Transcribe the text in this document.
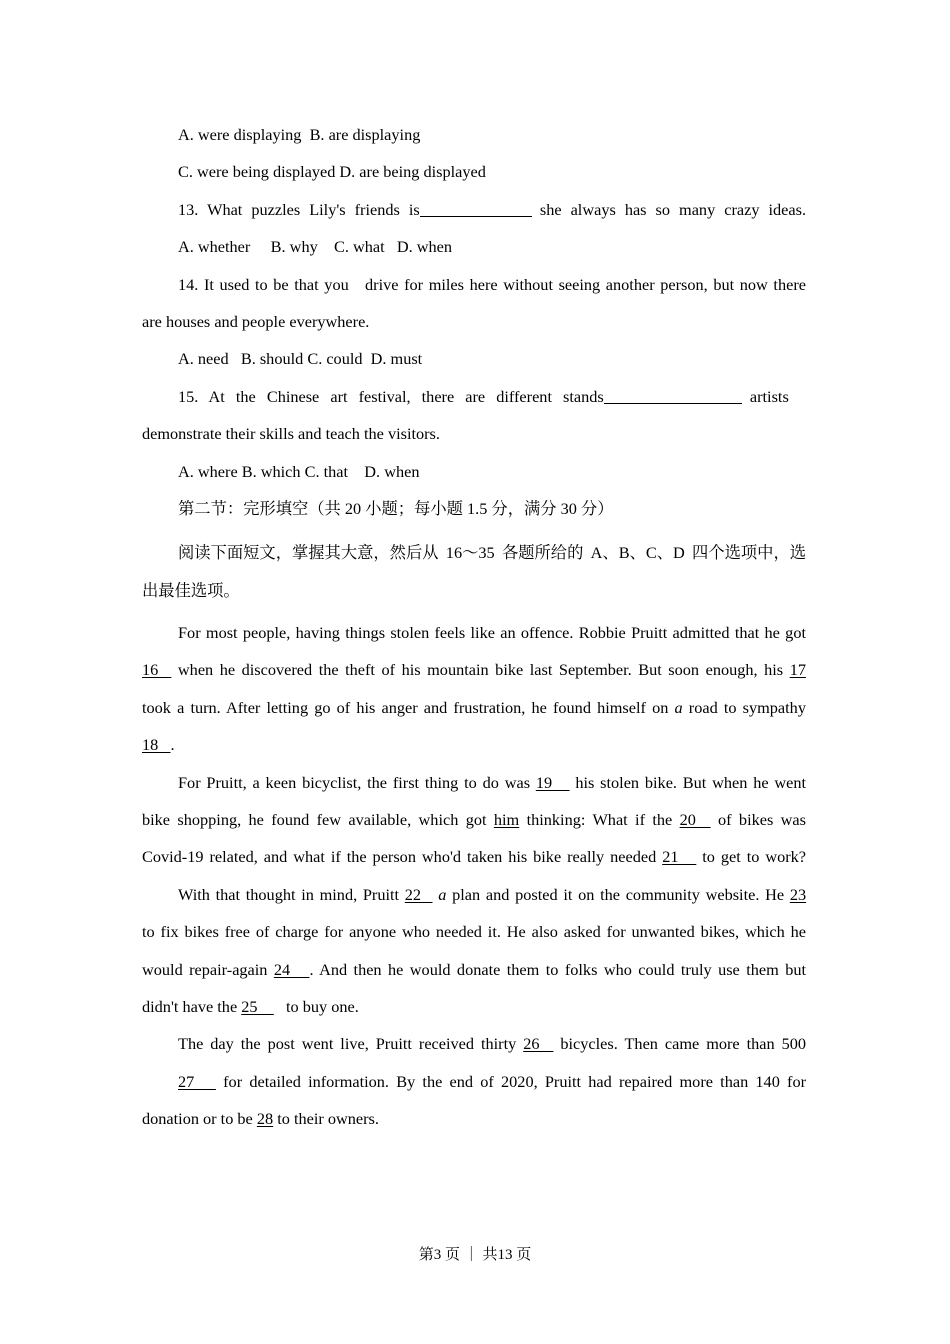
A. were displaying  B. are displaying
C. were being displayed D. are being displayed
13. What puzzles Lily's friends is	 she always has so many crazy ideas.
A. whether     B. why    C. what   D. when
14. It used to be that you  drive for miles here without seeing another person, but now there
are houses and people everywhere.
A. need   B. should C. could  D. must
15. At the Chinese art festival, there are different stands	 artists
demonstrate their skills and teach the visitors.
A. where B. which C. that    D. when
第二节：完形填空（共 20 小题；每小题 1.5 分，满分 30 分）
阅读下面短文，掌握其大意，然后从 16〜35 各题所给的 A、B、C、D 四个选项中，选
出最佳选项。
For most people, having things stolen feels like an offence. Robbie Pruitt admitted that he got
16   when he discovered the theft of his mountain bike last September. But soon enough, his 17
took a turn. After letting go of his anger and frustration, he found himself on a road to sympathy
18   .
For Pruitt, a keen bicyclist, the first thing to do was 19    his stolen bike. But when he went
bike shopping, he found few available, which got him thinking: What if the 20   of bikes was
Covid-19 related, and what if the person who'd taken his bike really needed 21    to get to work?
With that thought in mind, Pruitt 22   a plan and posted it on the community website. He 23
to fix bikes free of charge for anyone who needed it. He also asked for unwanted bikes, which he
would repair-again 24   . And then he would donate them to folks who could truly use them but
didn't have the 25      to buy one.
The day the post went live, Pruitt received thirty 26   bicycles. Then came more than 500
27    for detailed information. By the end of 2020, Pruitt had repaired more than 140 for
donation or to be 28 to their owners.
第3 页 ｜ 共13 页
